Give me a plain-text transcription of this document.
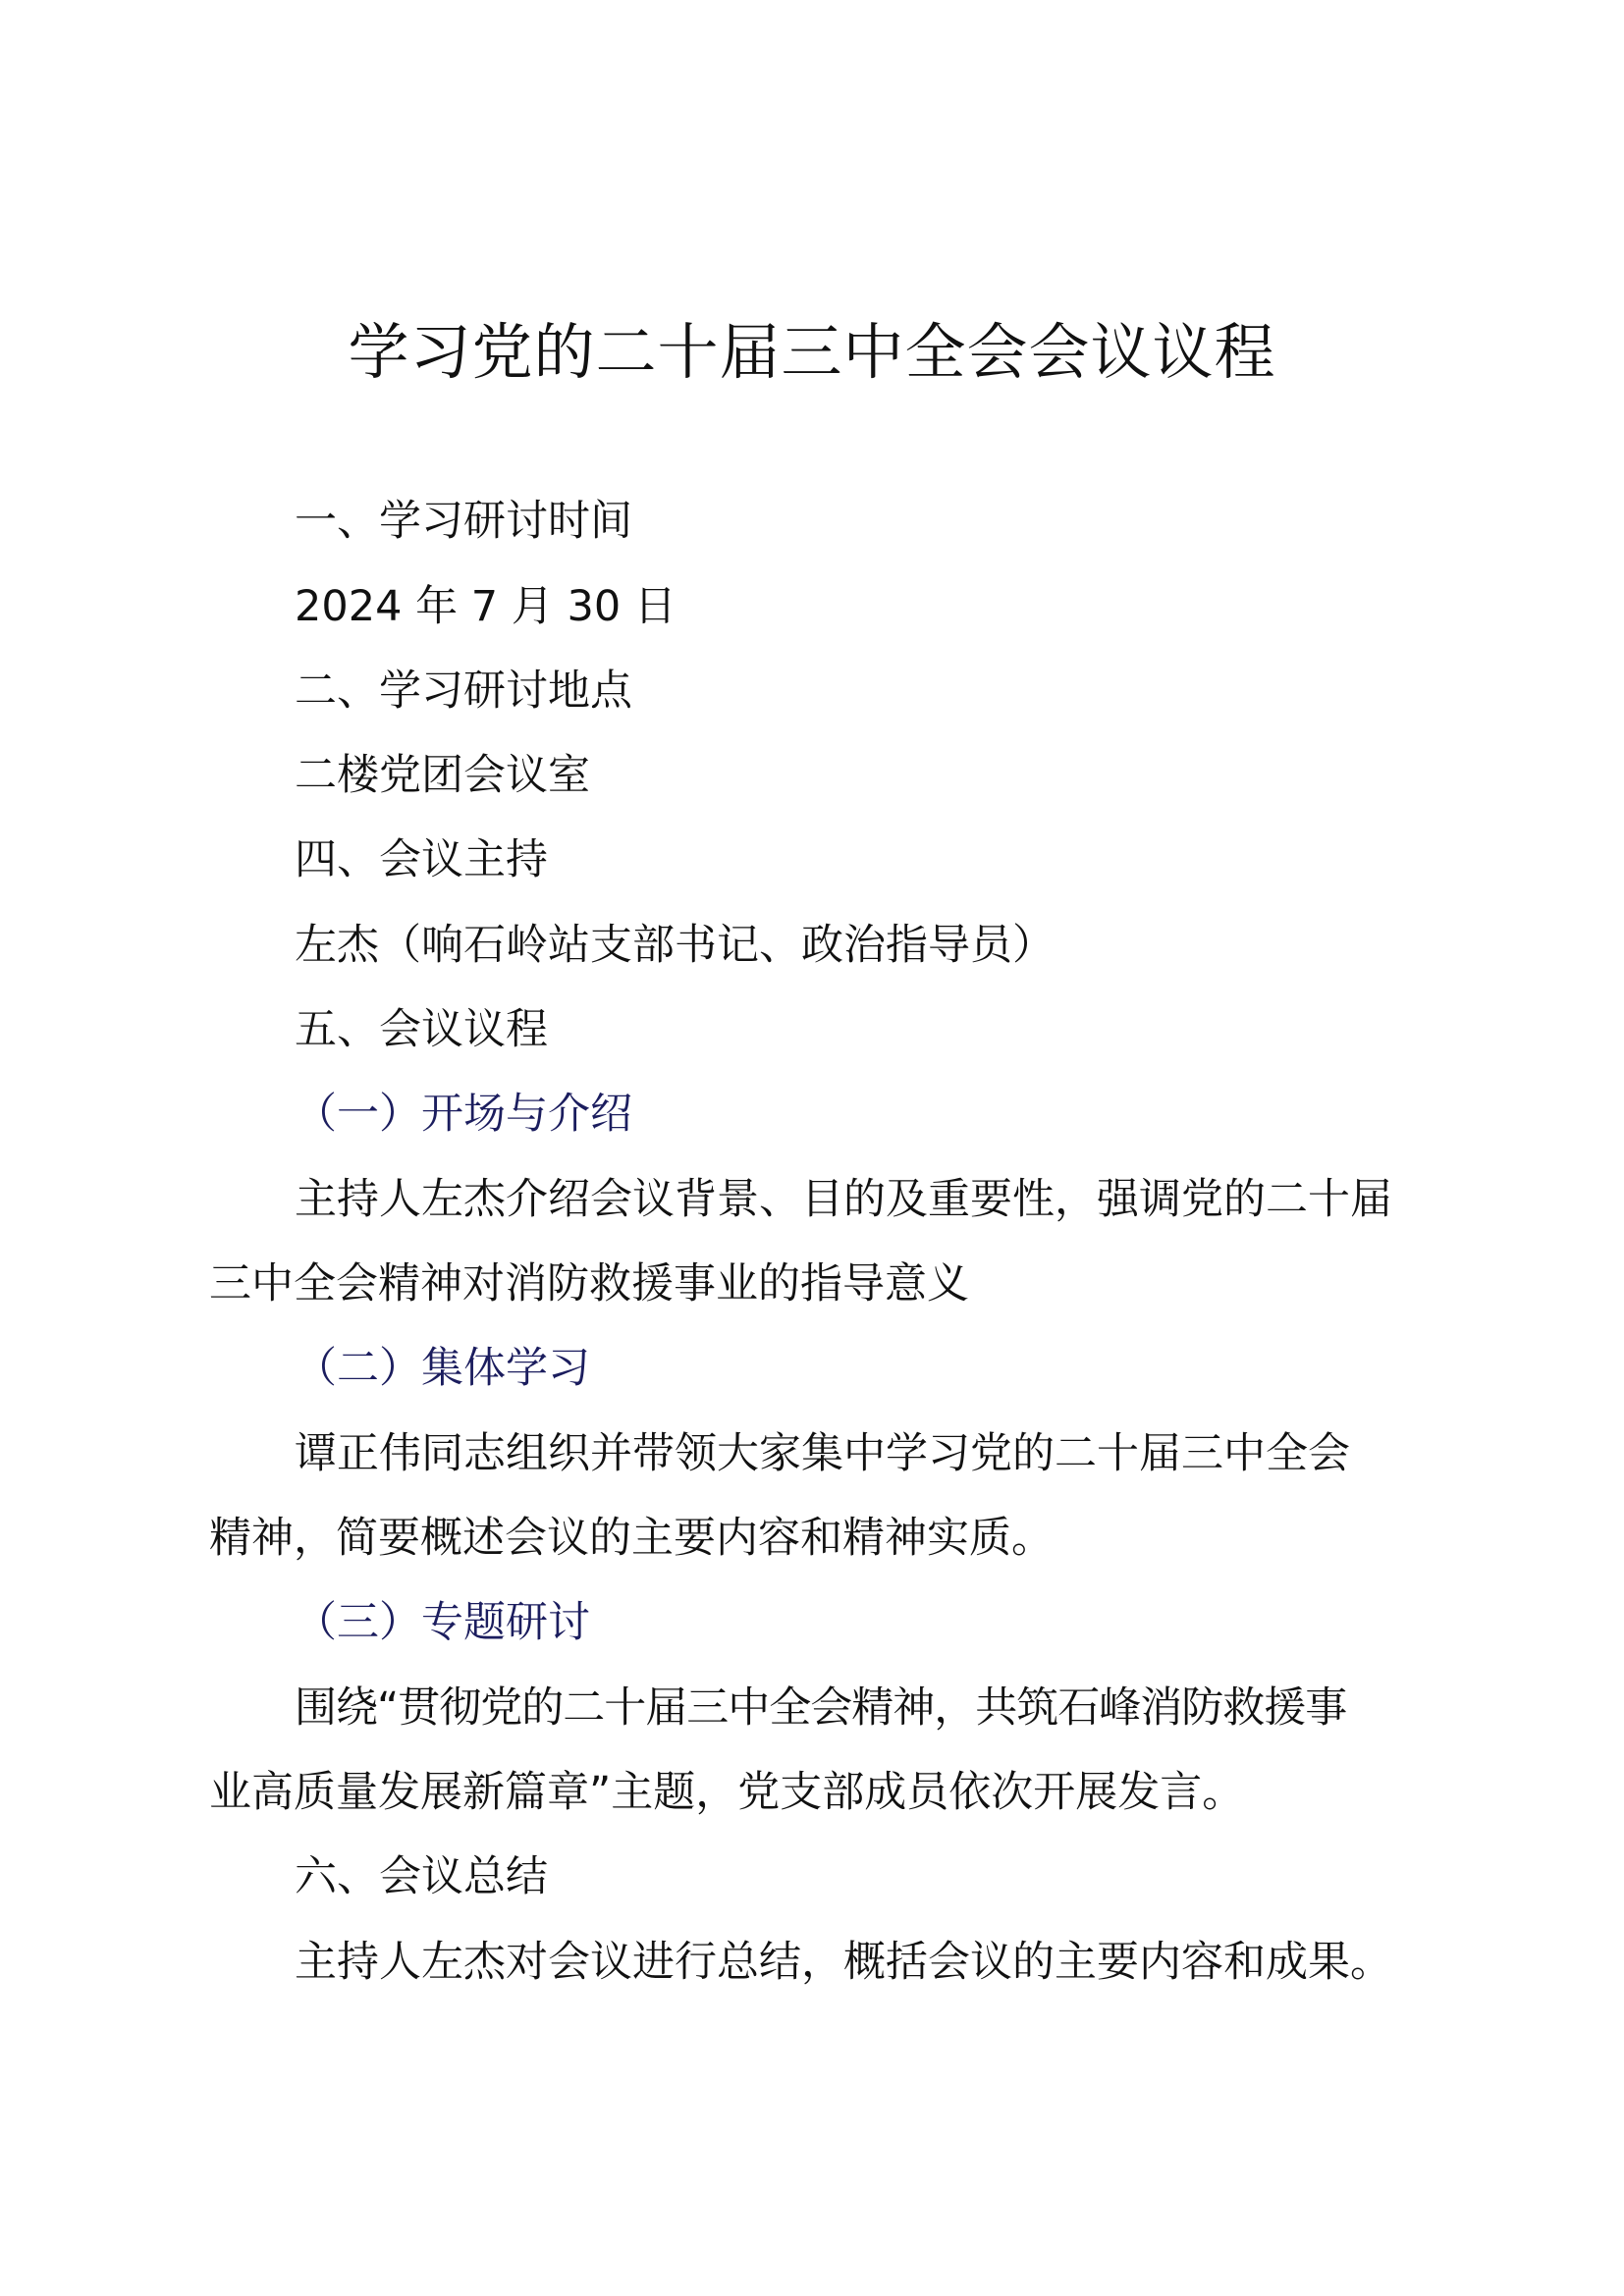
学习党的二十届三中全会会议议程
一、学习研讨时间
2024 年 7 月 30 日
二、学习研讨地点
二楼党团会议室
四、会议主持
左杰（响石岭站支部书记、政治指导员）
五、会议议程
（一）开场与介绍
主持人左杰介绍会议背景、目的及重要性，强调党的二十届
三中全会精神对消防救援事业的指导意义
（二）集体学习
谭正伟同志组织并带领大家集中学习党的二十届三中全会
精神，简要概述会议的主要内容和精神实质。
（三）专题研讨
围绕“贯彻党的二十届三中全会精神，共筑石峰消防救援事
业高质量发展新篇章”主题，党支部成员依次开展发言。
六、会议总结
主持人左杰对会议进行总结，概括会议的主要内容和成果。
